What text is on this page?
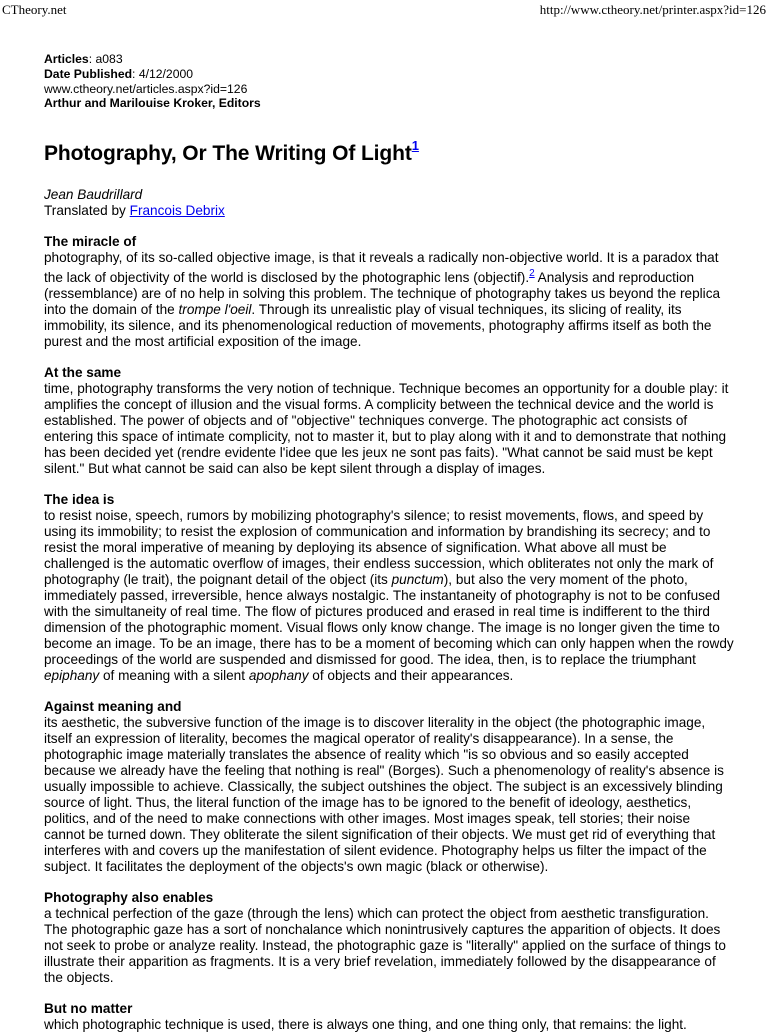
CTheory.net	http://www.ctheory.net/printer.aspx?id=126

Articles: a083

Date Published: 4/12/2000

www.ctheory.net/articles.aspx?id=126

Arthur and Marilouise Kroker, Editors

Photography, Or The Writing Of Light$^1$

Jean Baudrillard

Translated by Francois Debrix

The miracle of

photography, of its so-called objective image, is that it reveals a radically non-objective world. It is a paradox that the lack of objectivity of the world is disclosed by the photographic lens (objectif).$^2$ Analysis and reproduction (ressemblance) are of no help in solving this problem. The technique of photography takes us beyond the replica into the domain of the trompe l'oeil. Through its unrealistic play of visual techniques, its slicing of reality, its immobility, its silence, and its phenomenological reduction of movements, photography affirms itself as both the purest and the most artificial exposition of the image.

At the same

time, photography transforms the very notion of technique. Technique becomes an opportunity for a double play: it amplifies the concept of illusion and the visual forms. A complicity between the technical device and the world is established. The power of objects and of "objective" techniques converge. The photographic act consists of entering this space of intimate complicity, not to master it, but to play along with it and to demonstrate that nothing has been decided yet (rendre evidente l'idee que les jeux ne sont pas faits). "What cannot be said must be kept silent." But what cannot be said can also be kept silent through a display of images.

The idea is

to resist noise, speech, rumors by mobilizing photography's silence; to resist movements, flows, and speed by using its immobility; to resist the explosion of communication and information by brandishing its secrecy; and to resist the moral imperative of meaning by deploying its absence of signification. What above all must be challenged is the automatic overflow of images, their endless succession, which obliterates not only the mark of photography (le trait), the poignant detail of the object (its punctum), but also the very moment of the photo, immediately passed, irreversible, hence always nostalgic. The instantaneity of photography is not to be confused with the simultaneity of real time. The flow of pictures produced and erased in real time is indifferent to the third dimension of the photographic moment. Visual flows only know change. The image is no longer given the time to become an image. To be an image, there has to be a moment of becoming which can only happen when the rowdy proceedings of the world are suspended and dismissed for good. The idea, then, is to replace the triumphant epiphany of meaning with a silent apophany of objects and their appearances.

Against meaning and

its aesthetic, the subversive function of the image is to discover literality in the object (the photographic image, itself an expression of literality, becomes the magical operator of reality's disappearance). In a sense, the photographic image materially translates the absence of reality which "is so obvious and so easily accepted because we already have the feeling that nothing is real" (Borges). Such a phenomenology of reality's absence is usually impossible to achieve. Classically, the subject outshines the object. The subject is an excessively blinding source of light. Thus, the literal function of the image has to be ignored to the benefit of ideology, aesthetics, politics, and of the need to make connections with other images. Most images speak, tell stories; their noise cannot be turned down. They obliterate the silent signification of their objects. We must get rid of everything that interferes with and covers up the manifestation of silent evidence. Photography helps us filter the impact of the subject. It facilitates the deployment of the objects's own magic (black or otherwise).

Photography also enables

a technical perfection of the gaze (through the lens) which can protect the object from aesthetic transfiguration. The photographic gaze has a sort of nonchalance which nonintrusively captures the apparition of objects. It does not seek to probe or analyze reality. Instead, the photographic gaze is "literally" applied on the surface of things to illustrate their apparition as fragments. It is a very brief revelation, immediately followed by the disappearance of the objects.

But no matter

which photographic technique is used, there is always one thing, and one thing only, that remains: the light.
